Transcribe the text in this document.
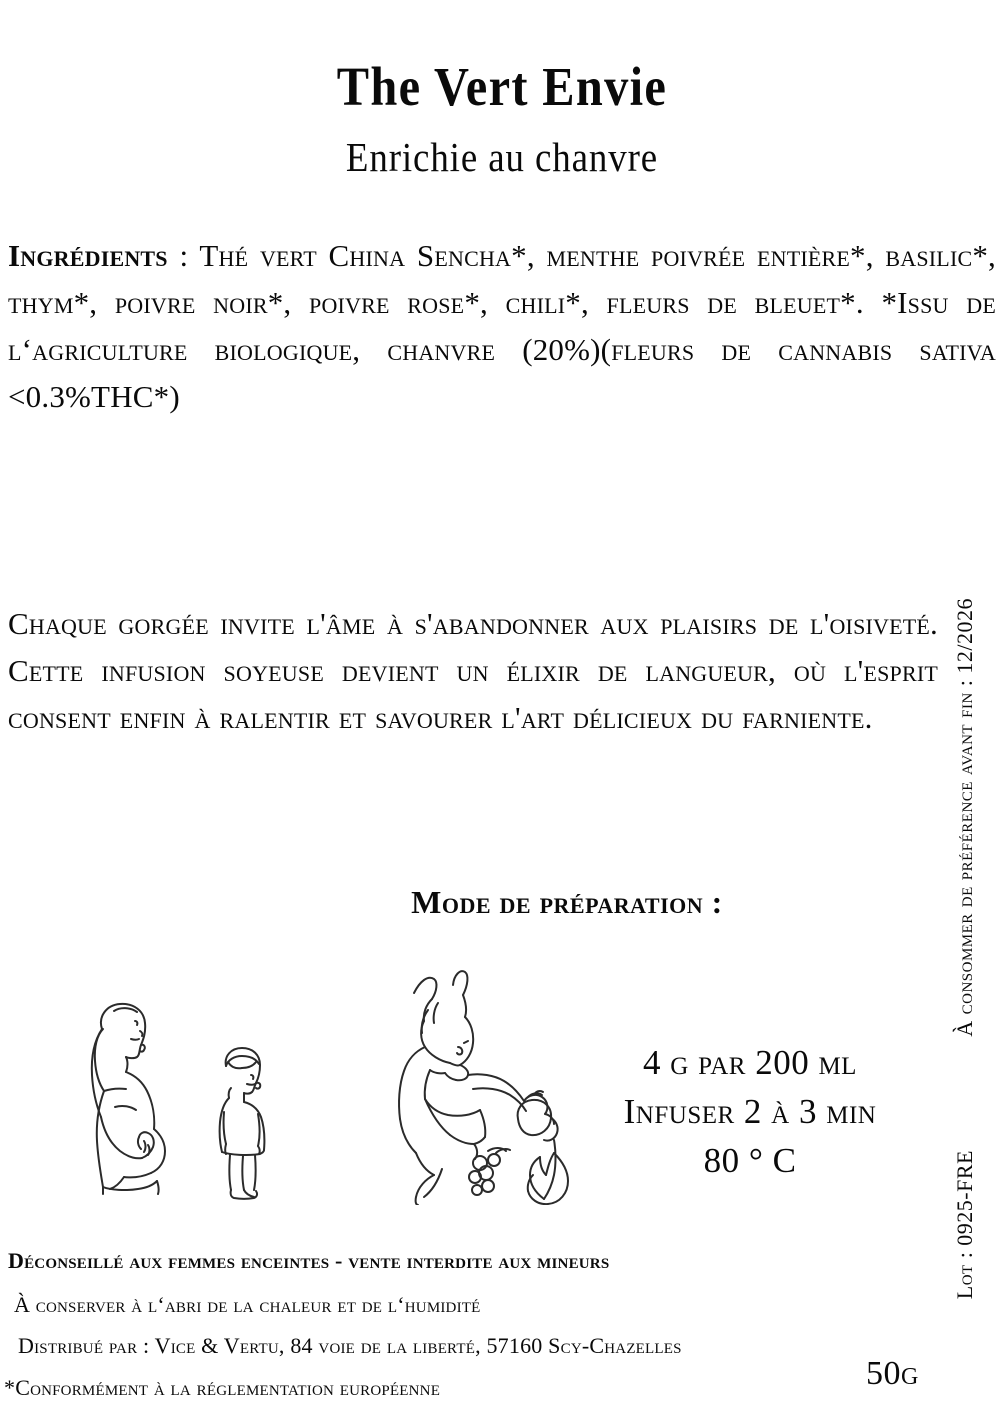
The Vert Envie
Enrichie au chanvre
Ingrédients : Thé vert China Sencha*, menthe poivrée entière*, basilic*, thym*, poivre noir*, poivre rose*, chili*, fleurs de bleuet*. *Issu de l‘agriculture biologique, chanvre (20%)(fleurs de cannabis sativa <0.3%THC*)
Chaque gorgée invite l'âme à s'abandonner aux plaisirs de l'oisiveté. Cette infusion soyeuse devient un élixir de langueur, où l'esprit consent enfin à ralentir et savourer l'art délicieux du farniente.	À consommer de préférence avant fin : 12/2026
Lot : 0925-FRE
Mode de préparation :
4 g par 200 ml
Infuser 2 à 3 min
80 ° C
Déconseillé aux femmes enceintes - vente interdite aux mineurs
À conserver à l‘abri de la chaleur et de l‘humidité
Distribué par : Vice & Vertu, 84 voie de la liberté, 57160 Scy-Chazelles
*Conformément à la réglementation européenne	50g
